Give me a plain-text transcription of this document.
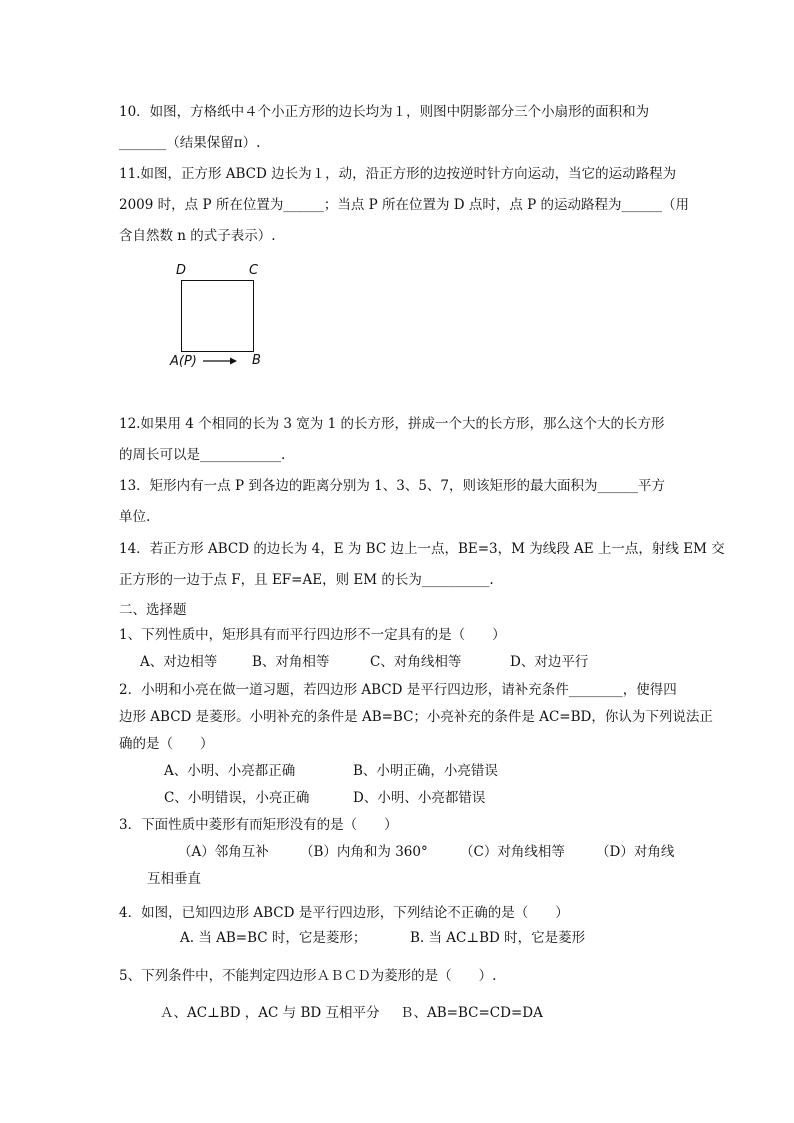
10．如图，方格纸中４个小正方形的边长均为１，则图中阴影部分三个小扇形的面积和为
_______（结果保留π）.
11.如图，正方形 ABCD 边长为１，动，沿正方形的边按逆时针方向运动，当它的运动路程为
2009 时，点 P 所在位置为______；当点 P 所在位置为 D 点时，点 P 的运动路程为______（用
含自然数 n 的式子表示）.
D	C
A(P)	B
12.如果用 4 个相同的长为 3 宽为 1 的长方形，拼成一个大的长方形，那么这个大的长方形
的周长可以是____________.
13．矩形内有一点 P 到各边的距离分别为 1、3、5、7，则该矩形的最大面积为______平方
单位.
14．若正方形 ABCD 的边长为 4，E 为 BC 边上一点，BE=3，M 为线段 AE 上一点，射线 EM 交
正方形的一边于点 F，且 EF=AE，则 EM 的长为__________.
二、选择题
1、下列性质中，矩形具有而平行四边形不一定具有的是（　　）
A、对边相等	B、对角相等	C、对角线相等	D、对边平行
2．小明和小亮在做一道习题，若四边形 ABCD 是平行四边形，请补充条件________，使得四
边形 ABCD 是菱形。小明补充的条件是 AB=BC；小亮补充的条件是 AC=BD，你认为下列说法正
确的是（　　）
A、小明、小亮都正确	B、小明正确，小亮错误
C、小明错误，小亮正确	D、小明、小亮都错误
3．下面性质中菱形有而矩形没有的是（　　）
（A）邻角互补 （B）内角和为 360° （C）对角线相等 （D）对角线
互相垂直
4．如图，已知四边形 ABCD 是平行四边形，下列结论不正确的是（　　）
A. 当 AB=BC 时，它是菱形；	B. 当 AC⊥BD 时，它是菱形
5、下列条件中，不能判定四边形ＡＢＣＤ为菱形的是（　　）.
Ａ、AC⊥BD ，AC 与 BD 互相平分 Ｂ、AB=BC=CD=DA
